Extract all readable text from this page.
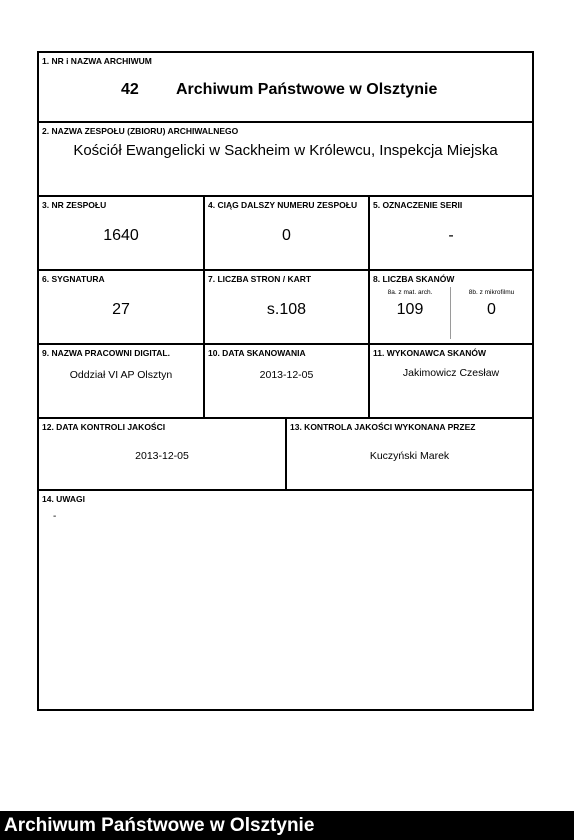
1. NR i NAZWA ARCHIWUM
42 Archiwum Państwowe w Olsztynie
2. NAZWA ZESPOŁU (ZBIORU) ARCHIWALNEGO
Kościół Ewangelicki w Sackheim w Królewcu, Inspekcja Miejska
3. NR ZESPOŁU
1640
4. CIĄG DALSZY NUMERU ZESPOŁU
0
5. OZNACZENIE SERII
-
6. SYGNATURA
27
7. LICZBA STRON / KART
s.108
8. LICZBA SKANÓW
8a. z mat. arch.
109
8b. z mikrofilmu
0
9. NAZWA PRACOWNI DIGITAL.
Oddział VI AP Olsztyn
10. DATA SKANOWANIA
2013-12-05
11. WYKONAWCA SKANÓW
Jakimowicz Czesław
12. DATA KONTROLI JAKOŚCI
2013-12-05
13. KONTROLA JAKOŚCI WYKONANA PRZEZ
Kuczyński Marek
14. UWAGI
-
Archiwum Państwowe w Olsztynie
